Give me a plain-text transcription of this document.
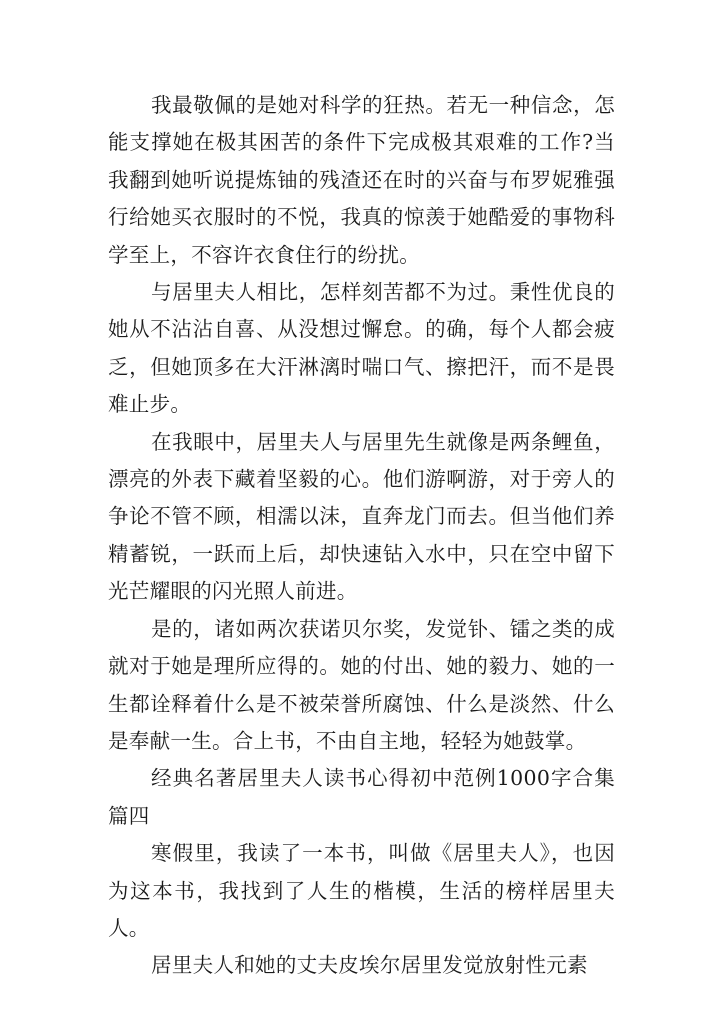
我最敬佩的是她对科学的狂热。若无一种信念，怎能支撑她在极其困苦的条件下完成极其艰难的工作?当我翻到她听说提炼铀的残渣还在时的兴奋与布罗妮雅强行给她买衣服时的不悦，我真的惊羡于她酷爱的事物科学至上，不容许衣食住行的纷扰。

与居里夫人相比，怎样刻苦都不为过。秉性优良的她从不沾沾自喜、从没想过懈怠。的确，每个人都会疲乏，但她顶多在大汗淋漓时喘口气、擦把汗，而不是畏难止步。

在我眼中，居里夫人与居里先生就像是两条鲤鱼，漂亮的外表下藏着坚毅的心。他们游啊游，对于旁人的争论不管不顾，相濡以沫，直奔龙门而去。但当他们养精蓄锐，一跃而上后，却快速钻入水中，只在空中留下光芒耀眼的闪光照人前进。

是的，诸如两次获诺贝尔奖，发觉钋、镭之类的成就对于她是理所应得的。她的付出、她的毅力、她的一生都诠释着什么是不被荣誉所腐蚀、什么是淡然、什么是奉献一生。合上书，不由自主地，轻轻为她鼓掌。

经典名著居里夫人读书心得初中范例1000字合集篇四

寒假里，我读了一本书，叫做《居里夫人》，也因为这本书，我找到了人生的楷模，生活的榜样居里夫人。

居里夫人和她的丈夫皮埃尔居里发觉放射性元素
